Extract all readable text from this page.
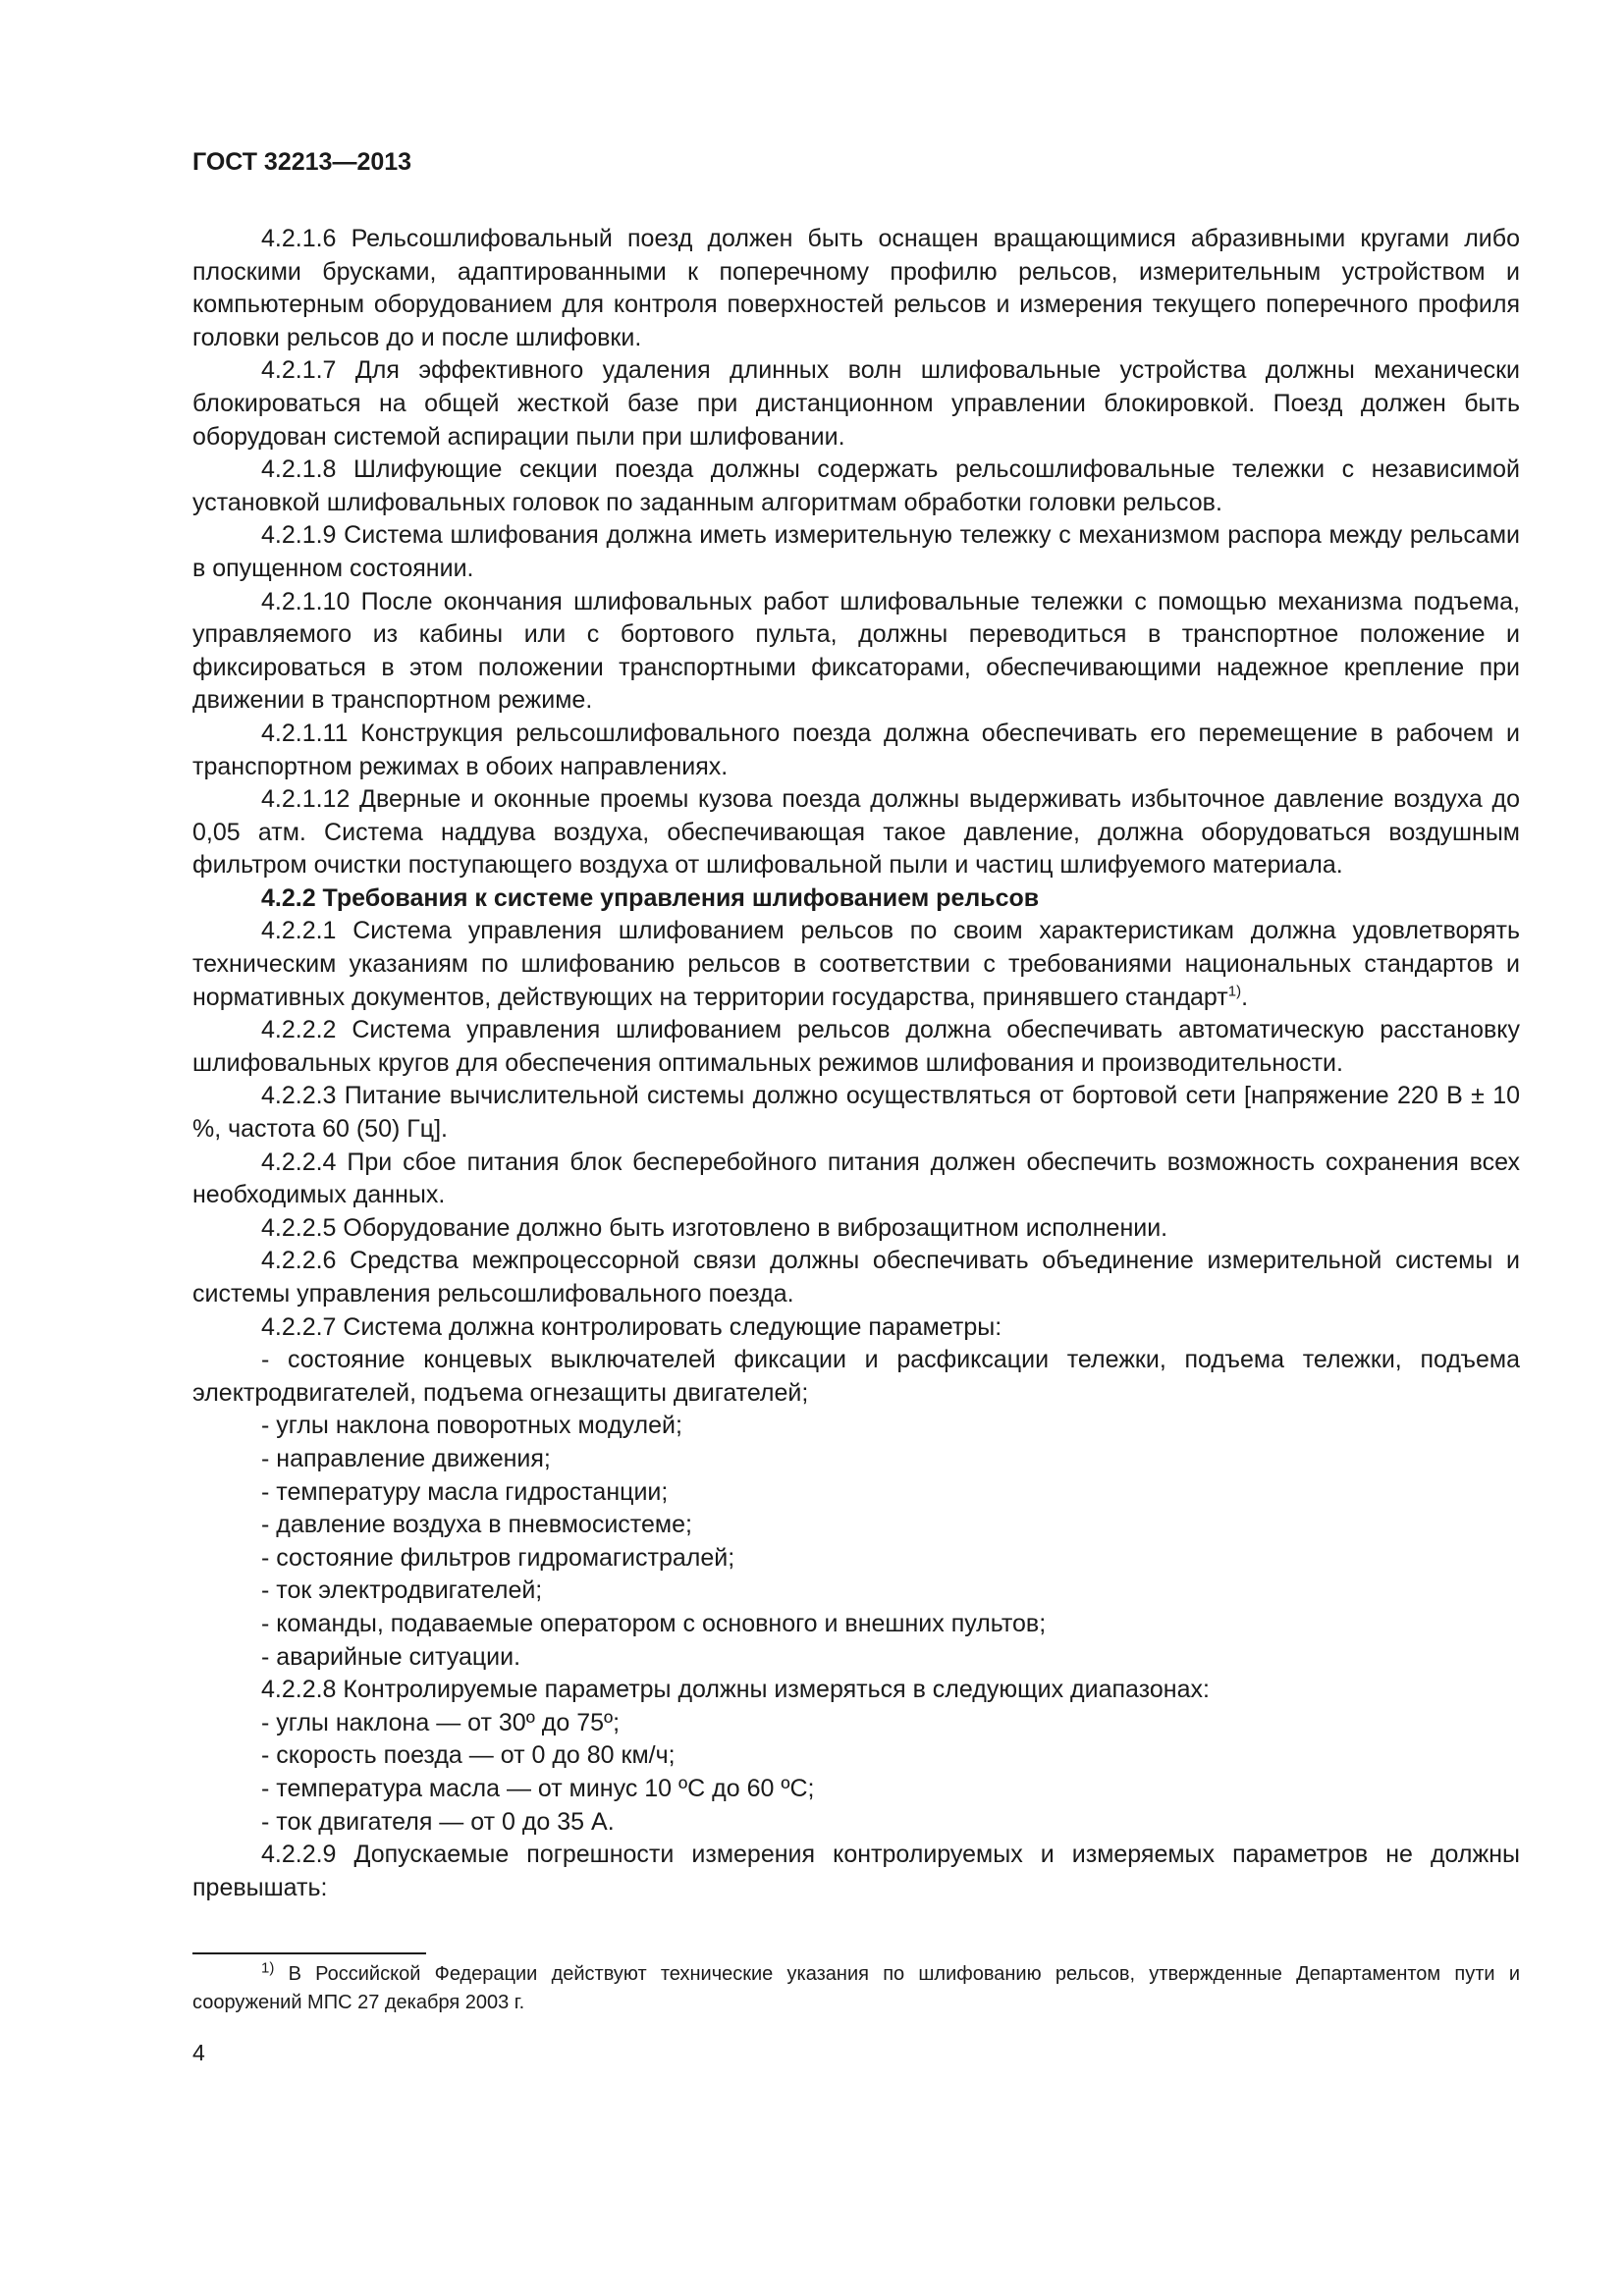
ГОСТ 32213—2013

4.2.1.6 Рельсошлифовальный поезд должен быть оснащен вращающимися абразивными кругами либо плоскими брусками, адаптированными к поперечному профилю рельсов, измерительным устройством и компьютерным оборудованием для контроля поверхностей рельсов и измерения текущего поперечного профиля головки рельсов до и после шлифовки.

4.2.1.7 Для эффективного удаления длинных волн шлифовальные устройства должны механически блокироваться на общей жесткой базе при дистанционном управлении блокировкой. Поезд должен быть оборудован системой аспирации пыли при шлифовании.

4.2.1.8 Шлифующие секции поезда должны содержать рельсошлифовальные тележки с независимой установкой шлифовальных головок по заданным алгоритмам обработки головки рельсов.

4.2.1.9 Система шлифования должна иметь измерительную тележку с механизмом распора между рельсами в опущенном состоянии.

4.2.1.10 После окончания шлифовальных работ шлифовальные тележки с помощью механизма подъема, управляемого из кабины или с бортового пульта, должны переводиться в транспортное положение и фиксироваться в этом положении транспортными фиксаторами, обеспечивающими надежное крепление при движении в транспортном режиме.

4.2.1.11 Конструкция рельсошлифовального поезда должна обеспечивать его перемещение в рабочем и транспортном режимах в обоих направлениях.

4.2.1.12 Дверные и оконные проемы кузова поезда должны выдерживать избыточное давление воздуха до 0,05 атм. Система наддува воздуха, обеспечивающая такое давление, должна оборудоваться воздушным фильтром очистки поступающего воздуха от шлифовальной пыли и частиц шлифуемого материала.

4.2.2 Требования к системе управления шлифованием рельсов

4.2.2.1 Система управления шлифованием рельсов по своим характеристикам должна удовлетворять техническим указаниям по шлифованию рельсов в соответствии с требованиями национальных стандартов и нормативных документов, действующих на территории государства, принявшего стандарт$^{1)}$.

4.2.2.2 Система управления шлифованием рельсов должна обеспечивать автоматическую расстановку шлифовальных кругов для обеспечения оптимальных режимов шлифования и производительности.

4.2.2.3 Питание вычислительной системы должно осуществляться от бортовой сети [напряжение 220 В ± 10 %, частота 60 (50) Гц].

4.2.2.4 При сбое питания блок бесперебойного питания должен обеспечить возможность сохранения всех необходимых данных.

4.2.2.5 Оборудование должно быть изготовлено в виброзащитном исполнении.

4.2.2.6 Средства межпроцессорной связи должны обеспечивать объединение измерительной системы и системы управления рельсошлифовального поезда.

4.2.2.7 Система должна контролировать следующие параметры:

- состояние концевых выключателей фиксации и расфиксации тележки, подъема тележки, подъема электродвигателей, подъема огнезащиты двигателей;

- углы наклона поворотных модулей;

- направление движения;

- температуру масла гидростанции;

- давление воздуха в пневмосистеме;

- состояние фильтров гидромагистралей;

- ток электродвигателей;

- команды, подаваемые оператором с основного и внешних пультов;

- аварийные ситуации.

4.2.2.8 Контролируемые параметры должны измеряться в следующих диапазонах:

- углы наклона — от 30º до 75º;

- скорость поезда — от 0 до 80 км/ч;

- температура масла — от минус 10 ºС до 60 ºС;

- ток двигателя — от 0 до 35 А.

4.2.2.9 Допускаемые погрешности измерения контролируемых и измеряемых параметров не должны превышать:

$^{1)}$ В Российской Федерации действуют технические указания по шлифованию рельсов, утвержденные Департаментом пути и сооружений МПС 27 декабря 2003 г.

4
